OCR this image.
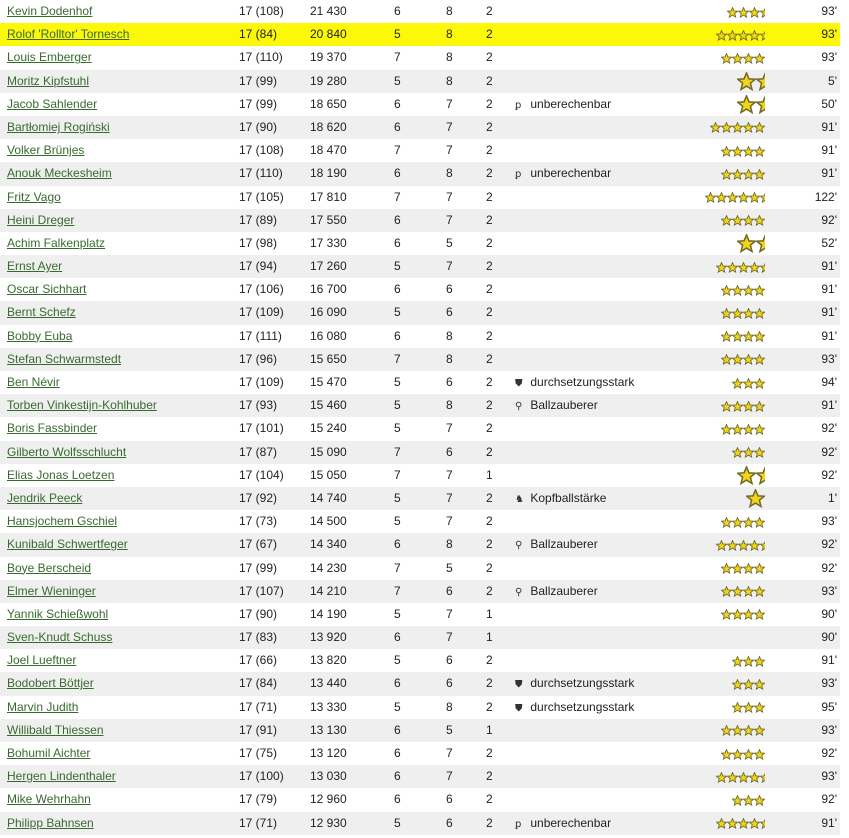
Kevin Dodenhof	17 (108) 21 430	6	8	2	93'
Rolof 'Rolltor' Tornesch	17 (84)	20 840	5	8	2	93'
Louis Emberger	17 (110) 19 370	7	8	2	93'
Moritz Kipfstuhl	17 (99)	19 280	5	8	2	5'
Jacob Sahlender	17 (99)	18 650	6	7	2 ꝑ unberechenbar	50'
Bartłomiej Rogiński	17 (90)	18 620	6	7	2	91'
Volker Brünjes	17 (108) 18 470	7	7	2	91'
Anouk Meckesheim	17 (110) 18 190	6	8	2 ꝑ unberechenbar	91'
Fritz Vago	17 (105) 17 810	7	7	2	122'
Heini Dreger	17 (89)	17 550	6	7	2	92'
Achim Falkenplatz	17 (98)	17 330	6	5	2	52'
Ernst Ayer	17 (94)	17 260	5	7	2	91'
Oscar Sichhart	17 (106) 16 700	6	6	2	91'
Bernt Schefz	17 (109) 16 090	5	6	2	91'
Bobby Euba	17 (111) 16 080	6	8	2	91'
Stefan Schwarmstedt	17 (96)	15 650	7	8	2	93'
Ben Névir	17 (109) 15 470	5	6	2 ⛊ durchsetzungsstark	94'
Torben Vinkestijn-Kohlhuber	17 (93)	15 460	5	8	2 ⚲ Ballzauberer	91'
Boris Fassbinder	17 (101) 15 240	5	7	2	92'
Gilberto Wolfsschlucht	17 (87)	15 090	7	6	2	92'
Elias Jonas Loetzen	17 (104) 15 050	7	7	1	92'
Jendrik Peeck	17 (92)	14 740	5	7	2 ♞ Kopfballstärke	1'
Hansjochem Gschiel	17 (73)	14 500	5	7	2	93'
Kunibald Schwertfeger	17 (67)	14 340	6	8	2 ⚲ Ballzauberer	92'
Boye Berscheid	17 (99)	14 230	7	5	2	92'
Elmer Wieninger	17 (107) 14 210	7	6	2 ⚲ Ballzauberer	93'
Yannik Schießwohl	17 (90)	14 190	5	7	1	90'
Sven-Knudt Schuss	17 (83)	13 920	6	7	1	90'
Joel Lueftner	17 (66)	13 820	5	6	2	91'
Bodobert Böttjer	17 (84)	13 440	6	6	2 ⛊ durchsetzungsstark	93'
Marvin Judith	17 (71)	13 330	5	8	2 ⛊ durchsetzungsstark	95'
Willibald Thiessen	17 (91)	13 130	6	5	1	93'
Bohumil Aichter	17 (75)	13 120	6	7	2	92'
Hergen Lindenthaler	17 (100) 13 030	6	7	2	93'
Mike Wehrhahn	17 (79)	12 960	6	6	2	92'
Philipp Bahnsen	17 (71)	12 930	5	6	2 ꝑ unberechenbar	91'
